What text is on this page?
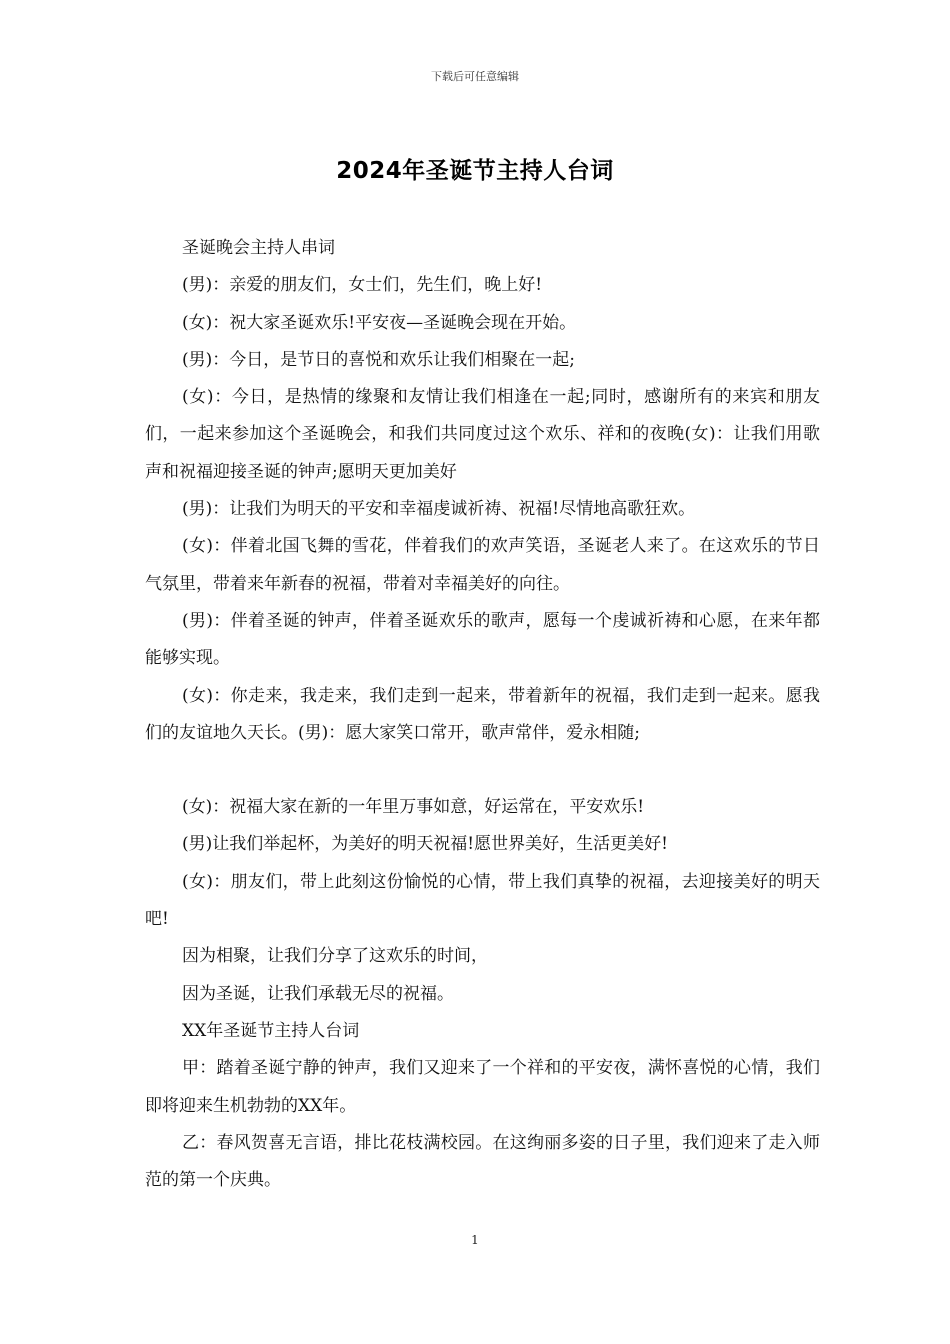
下载后可任意编辑
2024年圣诞节主持人台词

圣诞晚会主持人串词

(男)：亲爱的朋友们，女士们，先生们，晚上好!

(女)：祝大家圣诞欢乐!平安夜—圣诞晚会现在开始。

(男)：今日，是节日的喜悦和欢乐让我们相聚在一起;

(女)：今日，是热情的缘聚和友情让我们相逢在一起;同时，感谢所有的来宾和朋友们，一起来参加这个圣诞晚会，和我们共同度过这个欢乐、祥和的夜晚(女)：让我们用歌声和祝福迎接圣诞的钟声;愿明天更加美好

(男)：让我们为明天的平安和幸福虔诚祈祷、祝福!尽情地高歌狂欢。

(女)：伴着北国飞舞的雪花，伴着我们的欢声笑语，圣诞老人来了。在这欢乐的节日气氛里，带着来年新春的祝福，带着对幸福美好的向往。

(男)：伴着圣诞的钟声，伴着圣诞欢乐的歌声，愿每一个虔诚祈祷和心愿，在来年都能够实现。

(女)：你走来，我走来，我们走到一起来，带着新年的祝福，我们走到一起来。愿我们的友谊地久天长。(男)：愿大家笑口常开，歌声常伴，爱永相随;

(女)：祝福大家在新的一年里万事如意，好运常在，平安欢乐!

(男)让我们举起杯，为美好的明天祝福!愿世界美好，生活更美好!

(女)：朋友们，带上此刻这份愉悦的心情，带上我们真挚的祝福，去迎接美好的明天吧!

因为相聚，让我们分享了这欢乐的时间，

因为圣诞，让我们承载无尽的祝福。

XX年圣诞节主持人台词

甲：踏着圣诞宁静的钟声，我们又迎来了一个祥和的平安夜，满怀喜悦的心情，我们即将迎来生机勃勃的XX年。

乙：春风贺喜无言语，排比花枝满校园。在这绚丽多姿的日子里，我们迎来了走入师范的第一个庆典。

1
